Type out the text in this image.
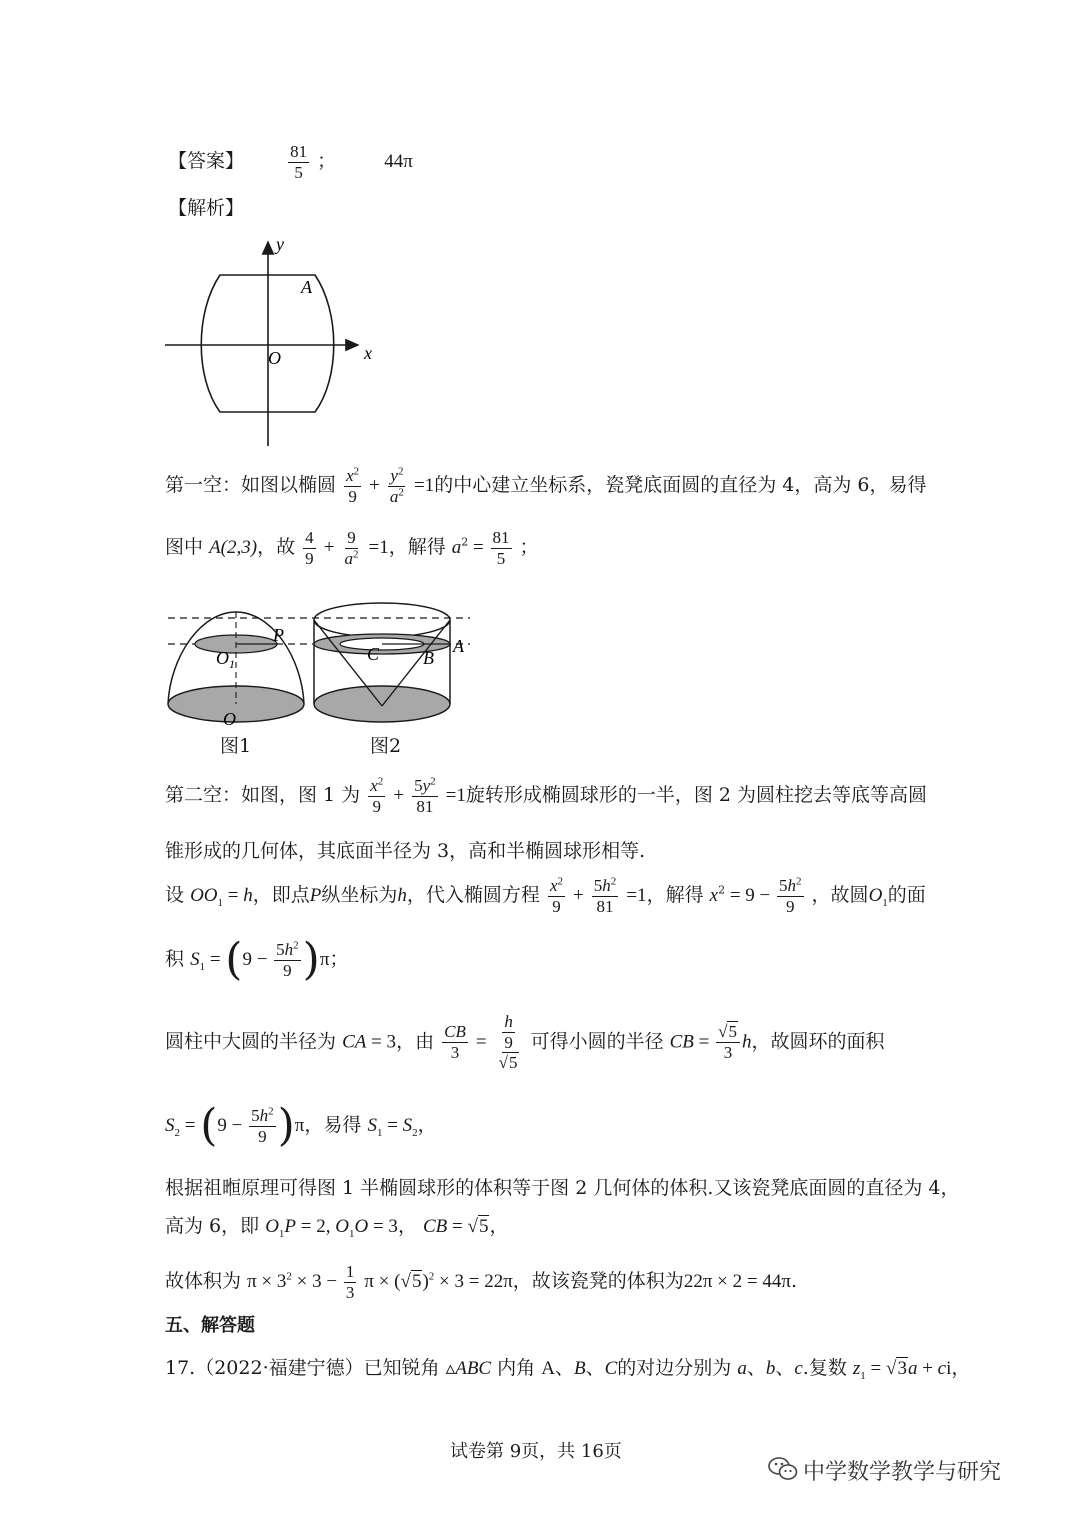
【答案】	$\frac{81}{5}$ ；	44π
【解析】
y
x
A
O
第一空：如图以椭圆 $\frac{x^2}{9} + \frac{y^2}{a^2} =1$的中心建立坐标系，瓷凳底面圆的直径为 4，高为 6，易得
图中 A(2,3)，故 $\frac{4}{9} + \frac{9}{a^2} =1$，解得 $a^2 = \frac{81}{5}$ ；
P
$O_1$
O
C B
A
图1	图2
第二空：如图，图 1 为 $\frac{x^2}{9} + \frac{5y^2}{81} =1$旋转形成椭圆球形的一半，图 2 为圆柱挖去等底等高圆
锥形成的几何体，其底面半径为 3，高和半椭圆球形相等.
设 $OO_1 = h$，即点P纵坐标为h，代入椭圆方程 $\frac{x^2}{9} + \frac{5h^2}{81} =1$，解得 $x^2 = 9 - \frac{5h^2}{9}$ ，故圆$O_1$的面
积 $S_1 = (9 - \frac{5h^2}{9} )\pi$；
圆柱中大圆的半径为 CA = 3，由 $\frac{CB}{3} = \frac{h}{\frac{9}{√5}}$ 可得小圆的半径 CB = $\frac{√5}{3}$ h，故圆环的面积
$S_2 = (9 - \frac{5h^2}{9} )\pi$，易得 $S_1 = S_2$，
根据祖暅原理可得图 1 半椭圆球形的体积等于图 2 几何体的体积.又该瓷凳底面圆的直径为 4，
高为 6，即 $O_1P = 2$, $O_1O = 3$， CB = √5，
故体积为 $\pi \times 3^2 \times 3 - \frac{1}{3}$ $\pi \times (√5)^2 \times 3 = 22\pi$，故该瓷凳的体积为22π × 2 = 44π.
五、解答题
17.（2022·福建宁德）已知锐角 ▵ABC 内角 A、B、C的对边分别为 a、b、c.复数 $z_1 = √3a$ + ci，
试卷第 9页，共 16页
中学数学教学与研究
